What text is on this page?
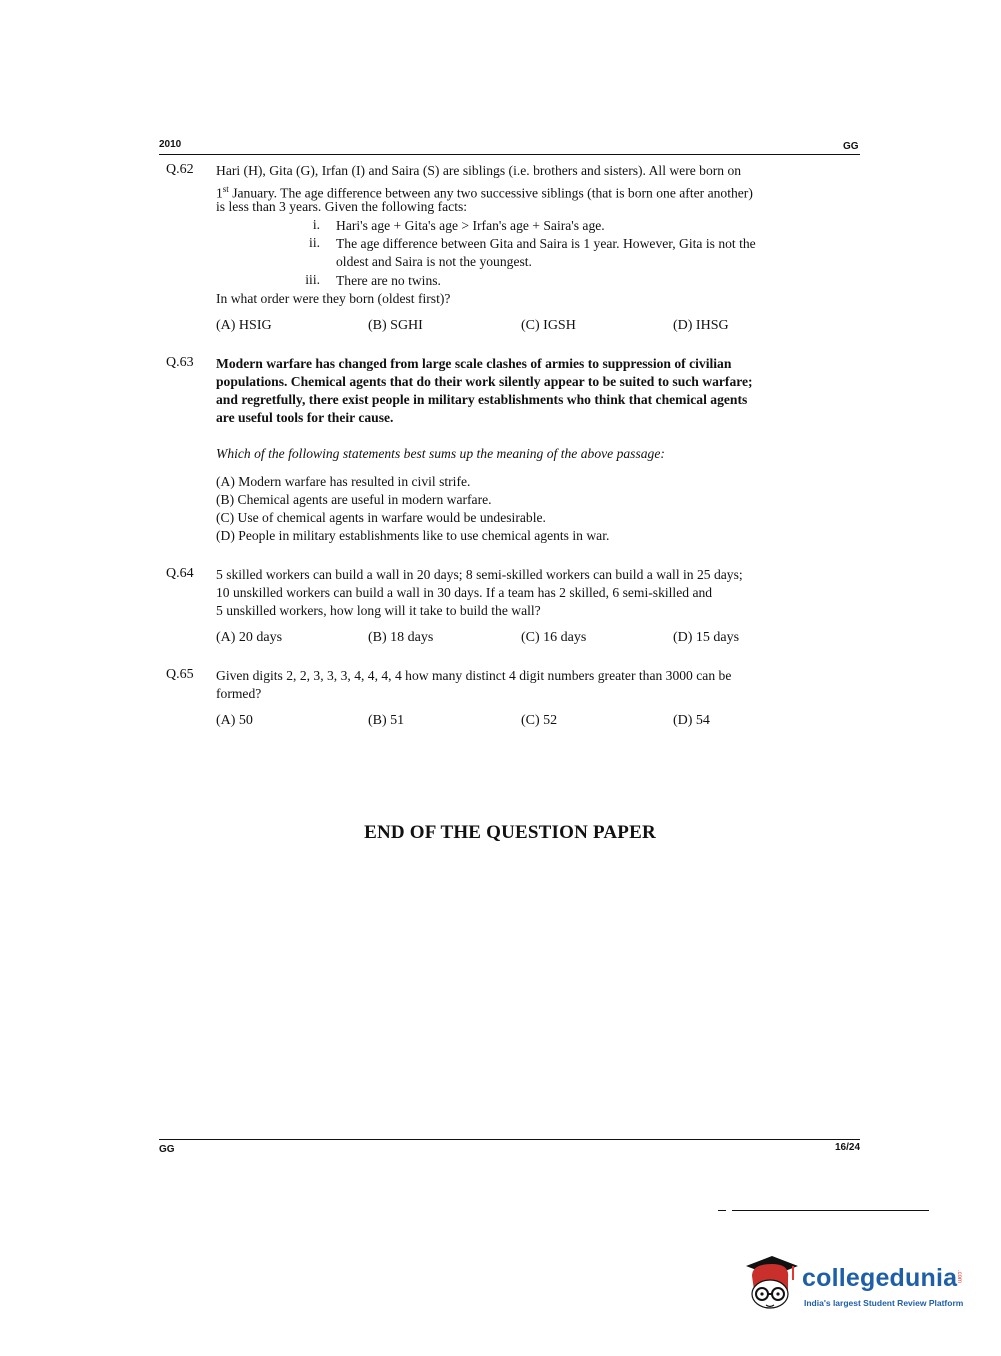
2010	GG
Q.62 Hari (H), Gita (G), Irfan (I) and Saira (S) are siblings (i.e. brothers and sisters). All were born on
1st January. The age difference between any two successive siblings (that is born one after another)
is less than 3 years. Given the following facts:
i. Hari's age + Gita's age > Irfan's age + Saira's age.
ii. The age difference between Gita and Saira is 1 year. However, Gita is not the
oldest and Saira is not the youngest.
iii. There are no twins.
In what order were they born (oldest first)?
(A) HSIG	(B) SGHI	(C) IGSH	(D) IHSG
Q.63 Modern warfare has changed from large scale clashes of armies to suppression of civilian
populations. Chemical agents that do their work silently appear to be suited to such warfare;
and regretfully, there exist people in military establishments who think that chemical agents
are useful tools for their cause.
Which of the following statements best sums up the meaning of the above passage:
(A) Modern warfare has resulted in civil strife.
(B) Chemical agents are useful in modern warfare.
(C) Use of chemical agents in warfare would be undesirable.
(D) People in military establishments like to use chemical agents in war.
Q.64 5 skilled workers can build a wall in 20 days; 8 semi-skilled workers can build a wall in 25 days;
10 unskilled workers can build a wall in 30 days. If a team has 2 skilled, 6 semi-skilled and
5 unskilled workers, how long will it take to build the wall?
(A) 20 days	(B) 18 days	(C) 16 days	(D) 15 days
Q.65 Given digits 2, 2, 3, 3, 3, 4, 4, 4, 4 how many distinct 4 digit numbers greater than 3000 can be
formed?
(A) 50	(B) 51	(C) 52	(D) 54
END OF THE QUESTION PAPER
GG	16/24
collegedunia
.com
India's largest Student Review Platform
